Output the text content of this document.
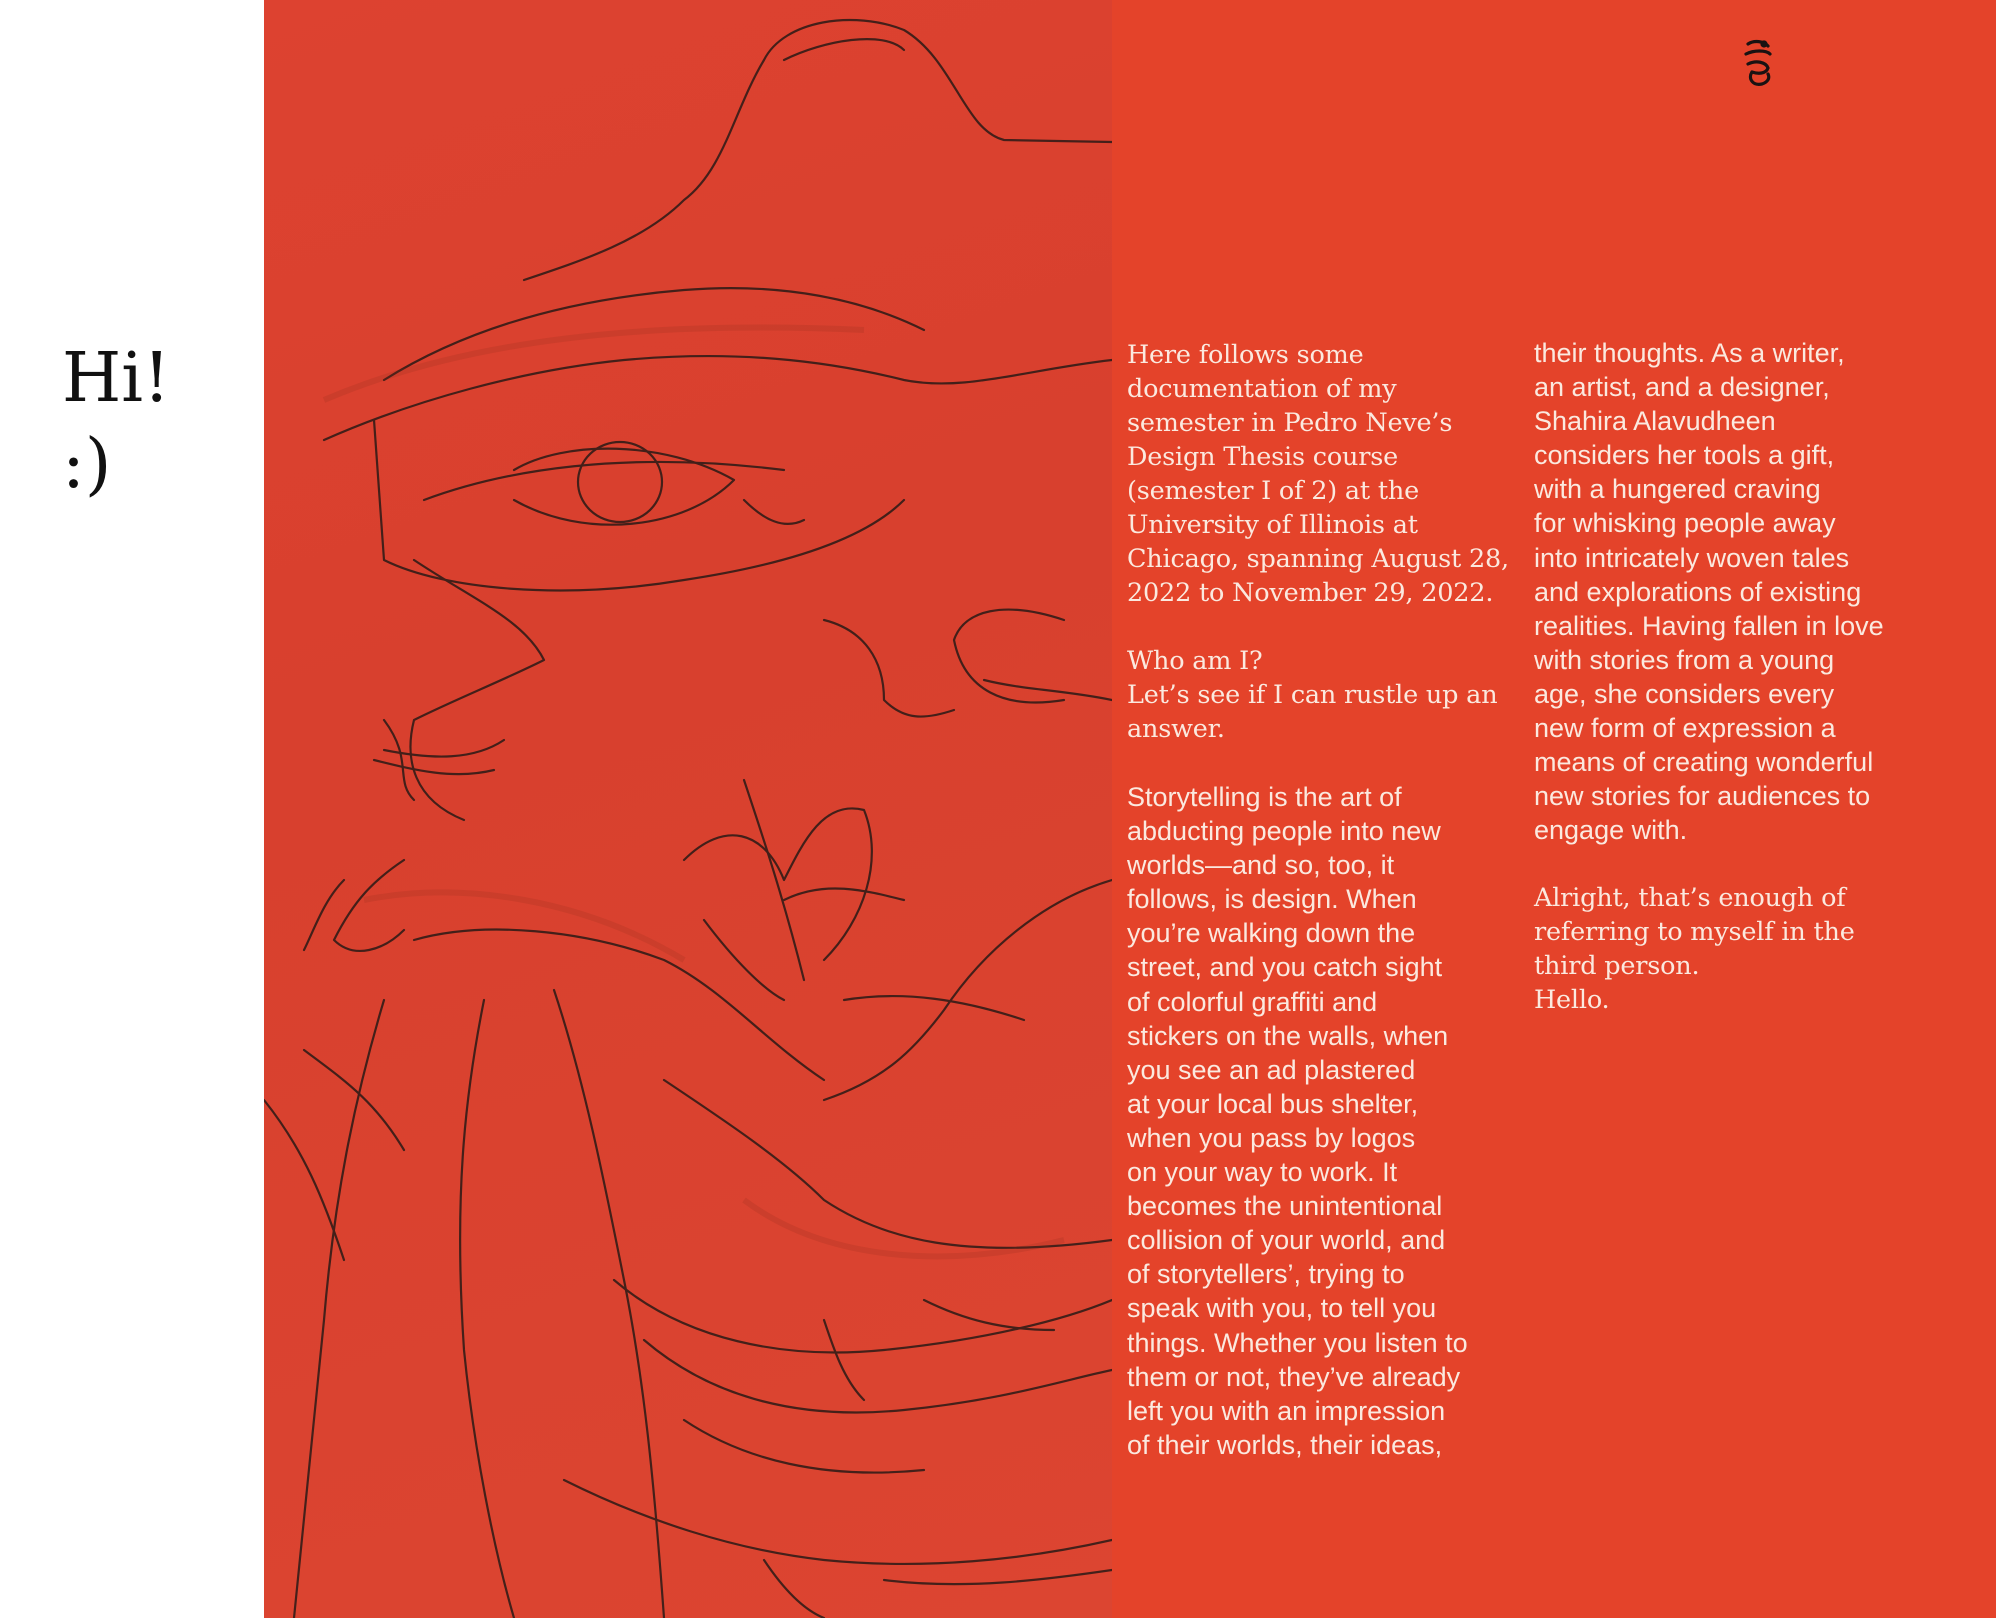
Hi!
:)

Here follows some
documentation of my
semester in Pedro Neve’s
Design Thesis course
(semester I of 2) at the
University of Illinois at
Chicago, spanning August 28,
2022 to November 29, 2022.

Who am I?
Let’s see if I can rustle up an
answer.

Storytelling is the art of
abducting people into new
worlds—and so, too, it
follows, is design. When
you’re walking down the
street, and you catch sight
of colorful graffiti and
stickers on the walls, when
you see an ad plastered
at your local bus shelter,
when you pass by logos
on your way to work. It
becomes the unintentional
collision of your world, and
of storytellers’, trying to
speak with you, to tell you
things. Whether you listen to
them or not, they’ve already
left you with an impression
of their worlds, their ideas,

their thoughts. As a writer,
an artist, and a designer,
Shahira Alavudheen
considers her tools a gift,
with a hungered craving
for whisking people away
into intricately woven tales
and explorations of existing
realities. Having fallen in love
with stories from a young
age, she considers every
new form of expression a
means of creating wonderful
new stories for audiences to
engage with.

Alright, that’s enough of
referring to myself in the
third person.
Hello.
